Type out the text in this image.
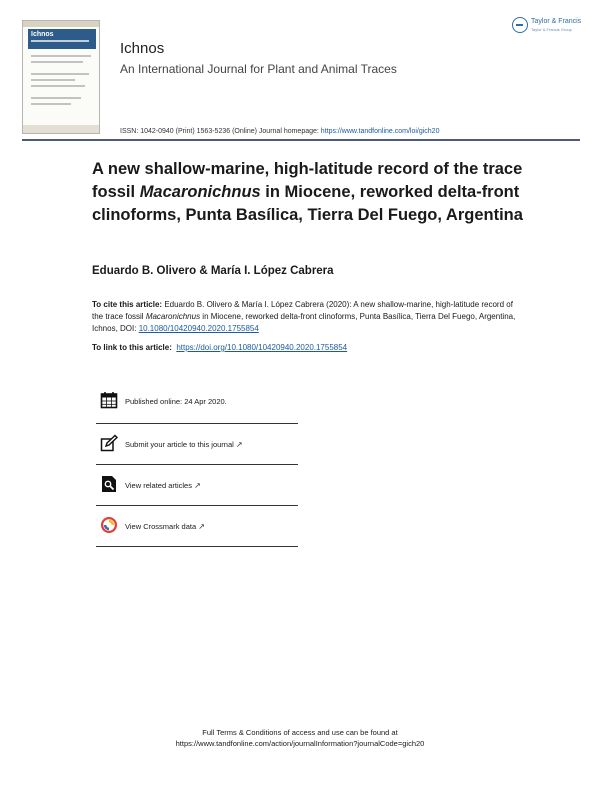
Ichnos
Ichnos
An International Journal for Plant and Animal Traces
Taylor & Francis
Taylor & Francis Group
ISSN: 1042-0940 (Print) 1563-5236 (Online) Journal homepage: https://www.tandfonline.com/loi/gich20
A new shallow-marine, high-latitude record of the trace fossil Macaronichnus in Miocene, reworked delta-front clinoforms, Punta Basílica, Tierra Del Fuego, Argentina
Eduardo B. Olivero & María I. López Cabrera

To cite this article: Eduardo B. Olivero & María I. López Cabrera (2020): A new shallow-marine, high-latitude record of the trace fossil Macaronichnus in Miocene, reworked delta-front clinoforms, Punta Basílica, Tierra Del Fuego, Argentina, Ichnos, DOI: 10.1080/10420940.2020.1755854

To link to this article: https://doi.org/10.1080/10420940.2020.1755854
Published online: 24 Apr 2020.
Submit your article to this journal ↗︎
View related articles ↗︎
View Crossmark data ↗︎
Full Terms & Conditions of access and use can be found at
https://www.tandfonline.com/action/journalInformation?journalCode=gich20
